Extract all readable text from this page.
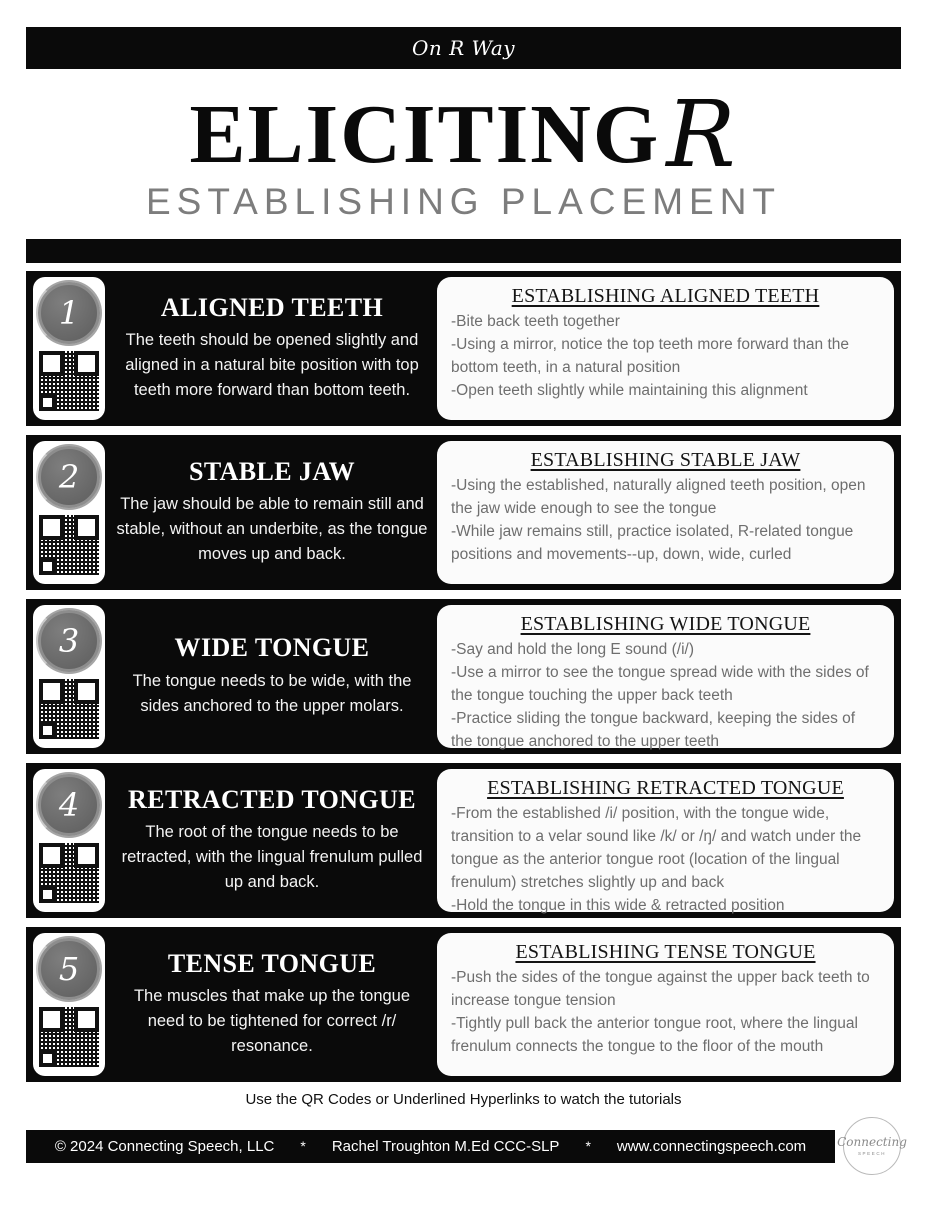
On R Way
ELICITING R
ESTABLISHING PLACEMENT
1	ALIGNED TEETH
The teeth should be opened slightly and aligned in a natural bite position with top teeth more forward than bottom teeth.
ESTABLISHING ALIGNED TEETH
-Bite back teeth together
-Using a mirror, notice the top teeth more forward than the bottom teeth, in a natural position
-Open teeth slightly while maintaining this alignment
2	STABLE JAW
The jaw should be able to remain still and stable, without an underbite, as the tongue moves up and back.
ESTABLISHING STABLE JAW
-Using the established, naturally aligned teeth position, open the jaw wide enough to see the tongue
-While jaw remains still, practice isolated, R-related tongue positions and movements--up, down, wide, curled
3	WIDE TONGUE
The tongue needs to be wide, with the sides anchored to the upper molars.
ESTABLISHING WIDE TONGUE
-Say and hold the long E sound (/i/)
-Use a mirror to see the tongue spread wide with the sides of the tongue touching the upper back teeth
-Practice sliding the tongue backward, keeping the sides of the tongue anchored to the upper teeth
4	RETRACTED TONGUE
The root of the tongue needs to be retracted, with the lingual frenulum pulled up and back.
ESTABLISHING RETRACTED TONGUE
-From the established /i/ position, with the tongue wide, transition to a velar sound like /k/ or /ŋ/ and watch under the tongue as the anterior tongue root (location of the lingual frenulum) stretches slightly up and back
-Hold the tongue in this wide & retracted position
5	TENSE TONGUE
The muscles that make up the tongue need to be tightened for correct /r/ resonance.
ESTABLISHING TENSE TONGUE
-Push the sides of the tongue against the upper back teeth to increase tongue tension
-Tightly pull back the anterior tongue root, where the lingual frenulum connects the tongue to the floor of the mouth
Use the QR Codes or Underlined Hyperlinks to watch the tutorials
© 2024 Connecting Speech, LLC * Rachel Troughton M.Ed CCC-SLP * www.connectingspeech.com	Connecting
SPEECH
